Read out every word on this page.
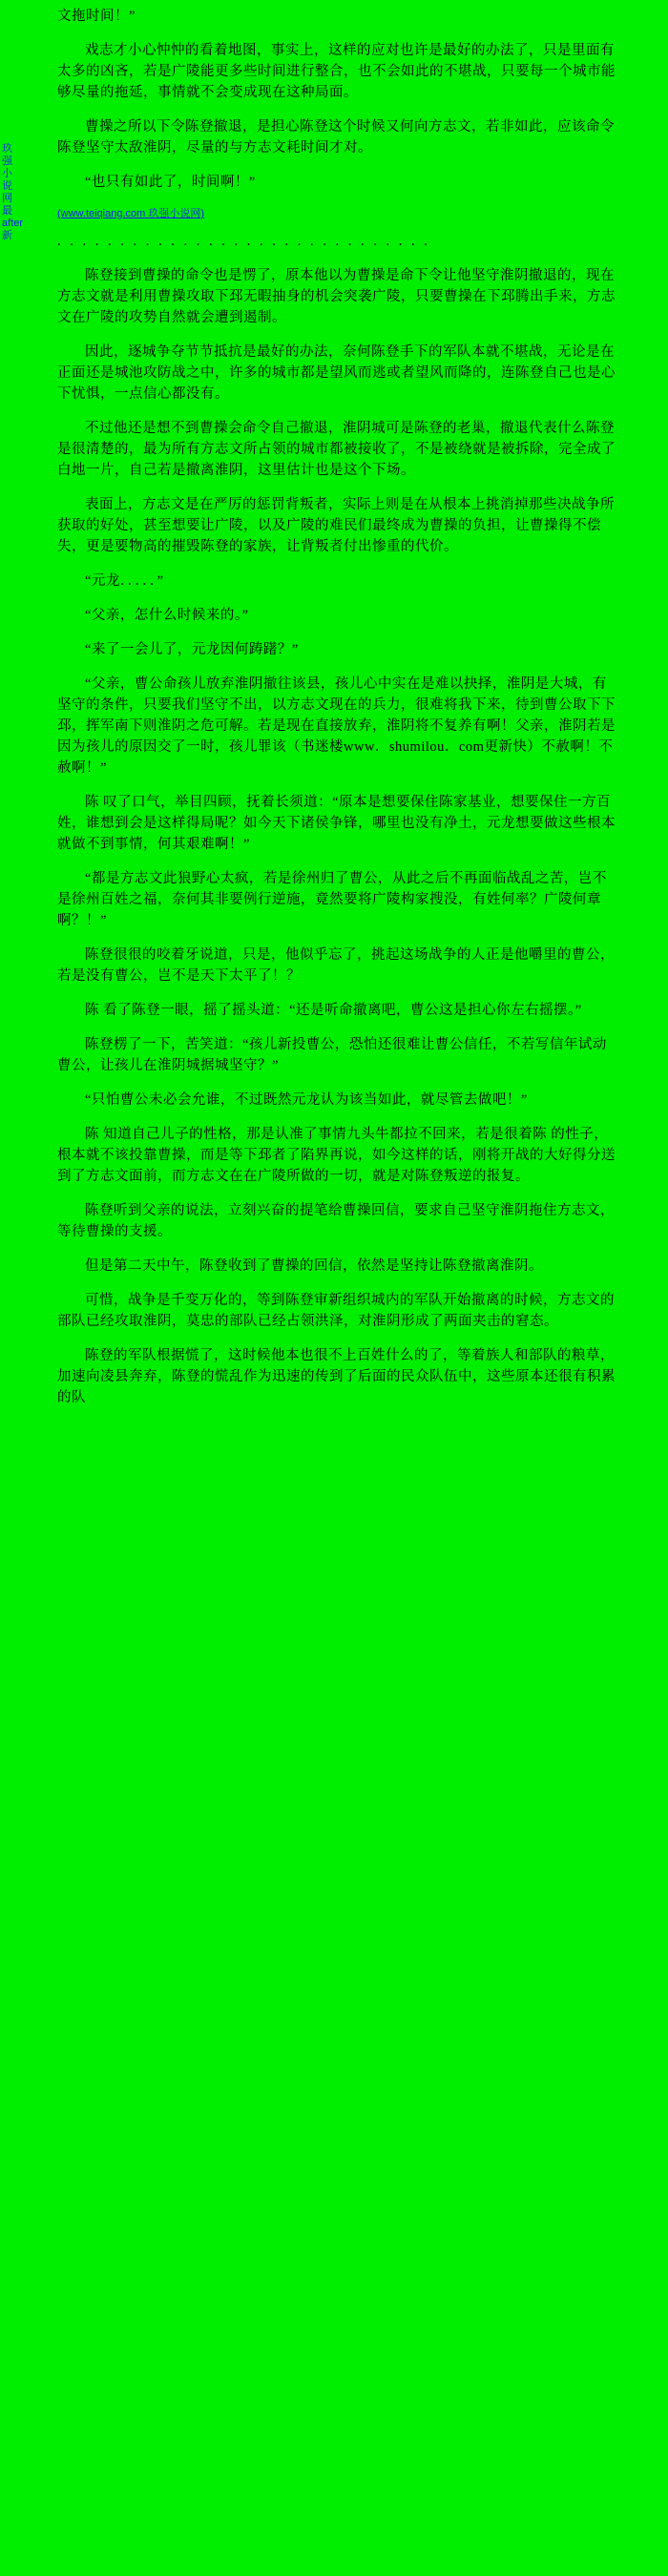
玖强小说网最after新

文拖时间！”

戏志才小心忡忡的看着地图，事实上，这样的应对也许是最好的办法了，只是里面有太多的凶吝，若是广陵能更多些时间进行整合，也不会如此的不堪战，只要每一个城市能够尽量的拖延，事情就不会变成现在这种局面。

曹操之所以下令陈登撤退，是担心陈登这个时候又何向方志文，若非如此，应该命令陈登坚守太敌淮阴，尽量的与方志文耗时间才对。

“也只有如此了，时间啊！”

(www.teiqiang.com 玖强小说网)

. . . . . . . . . . . . . . . . . . . . . . . . . . . . . .

陈登接到曹操的命令也是愣了，原本他以为曹操是命下令让他坚守淮阴撤退的，现在方志文就是利用曹操攻取下邳无暇抽身的机会突袭广陵，只要曹操在下邳腾出手来，方志文在广陵的攻势自然就会遭到遏制。

因此，逐城争夺节节抵抗是最好的办法，奈何陈登手下的军队本就不堪战，无论是在正面还是城池攻防战之中，许多的城市都是望风而逃或者望风而降的，连陈登自己也是心下忧惧，一点信心都没有。

不过他还是想不到曹操会命令自己撤退，淮阴城可是陈登的老巢，撤退代表什么陈登是很清楚的，最为所有方志文所占领的城市都被接收了，不是被绕就是被拆除，完全成了白地一片，自己若是撤离淮阴，这里估计也是这个下场。

表面上，方志文是在严厉的惩罚背叛者，实际上则是在从根本上挑消掉那些决战争所获取的好处，甚至想要让广陵，以及广陵的难民们最终成为曹操的负担，让曹操得不偿失，更是要物高的摧毁陈登的家族，让背叛者付出惨重的代价。

“元龙．．．．．”

“父亲，怎什么时候来的。”

“来了一会儿了，元龙因何踌躇？”

“父亲，曹公命孩儿放弃淮阴撤往该县，孩儿心中实在是难以抉择，淮阴是大城，有坚守的条件，只要我们坚守不出，以方志文现在的兵力，很难将我下来，待到曹公取下下邳，挥军南下则淮阴之危可解。若是现在直接放弃，淮阴将不复养有啊！父亲，淮阴若是因为孩儿的原因交了一时，孩儿罪该（书迷楼www．shumilou．com更新快）不赦啊！不赦啊！”

陈 叹了口气，举目四顾，抚着长须道：“原本是想要保住陈家基业，想要保住一方百姓，谁想到会是这样得局呢？如今天下诸侯争锋，哪里也没有净土，元龙想要做这些根本就做不到事情，何其艰难啊！”

“都是方志文此狼野心太疯，若是徐州归了曹公，从此之后不再面临战乱之苦，岂不是徐州百姓之福，奈何其非要例行逆施，竟然要将广陵构家搜没，有姓何率？广陵何章啊？！”

陈登很很的咬着牙说道，只是，他似乎忘了，挑起这场战争的人正是他嚼里的曹公，若是没有曹公，岂不是天下太平了！？

陈 看了陈登一眼，摇了摇头道：“还是听命撤离吧，曹公这是担心你左右摇摆。”

陈登楞了一下，苦笑道：“孩儿新投曹公，恐怕还很难让曹公信任，不若写信年试动曹公，让孩儿在淮阴城据城坚守？”

“只怕曹公未必会允谁，不过既然元龙认为该当如此，就尽管去做吧！”

陈 知道自己儿子的性格，那是认准了事情九头牛都拉不回来，若是很着陈 的性子，根本就不该投靠曹操，而是等下邳者了陷界再说，如今这样的话，刚将开战的大好得分送到了方志文面前，而方志文在在广陵所做的一切，就是对陈登叛逆的报复。

陈登听到父亲的说法，立刻兴奋的提笔给曹操回信，要求自己坚守淮阴拖住方志文，等待曹操的支援。

但是第二天中午，陈登收到了曹操的回信，依然是坚持让陈登撤离淮阴。

可惜，战争是千变万化的，等到陈登审新组织城内的军队开始撤离的时候，方志文的部队已经攻取淮阴，莫忠的部队已经占领洪泽，对淮阴形成了两面夹击的窘态。

陈登的军队根据慌了，这时候他本也很不上百姓什么的了，等着族人和部队的粮草，加速向凌县奔弃，陈登的慌乱作为迅速的传到了后面的民众队伍中，这些原本还很有积累的队
